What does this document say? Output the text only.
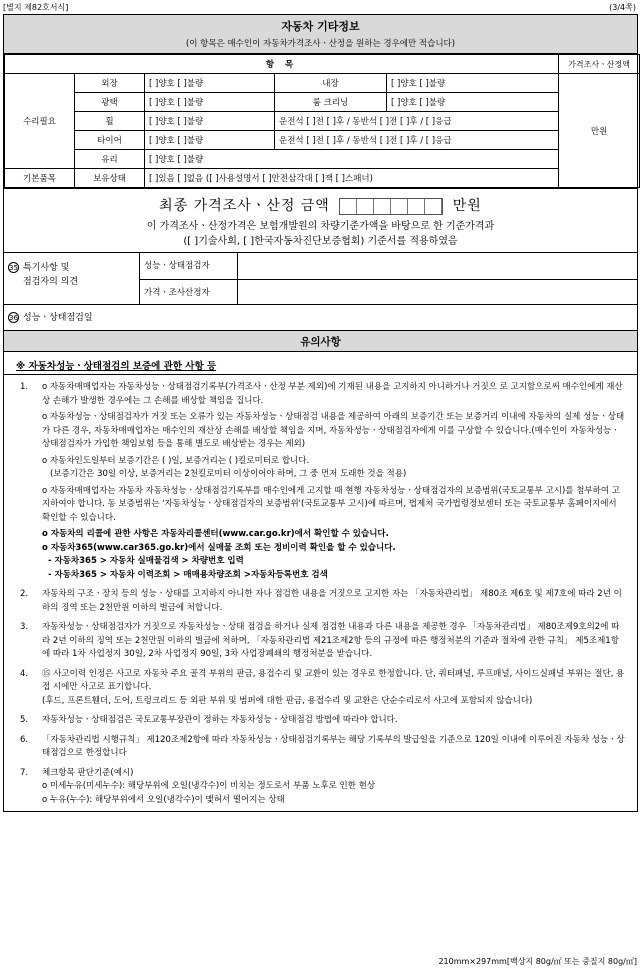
[별지 제82호서식]	(3/4쪽)
자동차 기타정보
(이 항목은 매수인이 자동차가격조사ㆍ산정을 원하는 경우에만 적습니다)
항 목					가격조사ㆍ산정액
수리필요	외장	[ ]양호 [ ]불량	내장	[ ]양호 [ ]불량	만원
	광택	[ ]양호 [ ]불량	룸 크리닝	[ ]양호 [ ]불량	
	휠	[ ]양호 [ ]불량	운전석 [ ]전 [ ]후 / 동반석 [ ]전 [ ]후 / [ ]응급		
	타이어	[ ]양호 [ ]불량	운전석 [ ]전 [ ]후 / 동반석 [ ]전 [ ]후 / [ ]응급		
	유리	[ ]양호 [ ]불량			
기본품목	보유상태	[ ]있음 [ ]없음 ([ ]사용설명서 [ ]안전삼각대 [ ]잭 [ ]스패너)			
최종 가격조사ㆍ산정 금액	만원
이 가격조사ㆍ산정가격은 보험개발원의 차량기준가액을 바탕으로 한 기준가격과
([ ]기술사회, [ ]한국자동차진단보증협회) 기준서를 적용하였음
35 특기사항 및
점검자의 의견
성능ㆍ상태점검자
가격ㆍ조사산정자
36 성능ㆍ상태점검일
유의사항
※ 자동차성능ㆍ상태점검의 보증에 관한 사항 등
1.	o 자동차매매업자는 자동차성능ㆍ상태점검기록부(가격조사ㆍ산정 부분 제외)에 기재된 내용을 고지하지 아니하거나 거짓으 로 고지함으로써 매수인에게 재산상 손해가 발생한 경우에는 그 손해를 배상할 책임을 집니다.
o 자동차성능ㆍ상태점검자가 거짓 또는 오류가 있는 자동차성능ㆍ상태점검 내용을 제공하여 아래의 보증기간 또는 보증거리 이내에 자동차의 실제 성능ㆍ상태가 다른 경우, 자동차매매업자는 매수인의 재산상 손해를 배상할 책임을 지며, 자동차성능ㆍ상태점검자에게 이를 구상할 수 있습니다.(매수인이 자동차성능ㆍ상태점검자가 가입한 책임보험 등을 통해 별도로 배상받는 경우는 제외)
o 자동차인도일부터 보증기간은 ( )일, 보증거리는 ( )킬로미터로 합니다.
(보증기간은 30일 이상, 보증거리는 2천킬로미터 이상이어야 하며, 그 중 먼저 도래한 것을 적용)
o 자동차매매업자는 자동차 자동차성능ㆍ상태점검기록부를 매수인에게 고지할 때 현행 자동차성능ㆍ상태점검자의 보증범위(국토교통부 고시)를 첨부하여 고지하여야 합니다. 동 보증범위는 '자동차성능ㆍ상태점검자의 보증범위'(국토교통부 고시)에 따르며, 법제처 국가법령정보센터 또는 국토교통부 홈페이지에서 확인할 수 있습니다.
o 자동차의 리콜에 관한 사항은 자동차리콜센터(www.car.go.kr)에서 확인할 수 있습니다.
o 자동차365(www.car365.go.kr)에서 실매물 조회 또는 정비이력 확인을 할 수 있습니다.
- 자동차365 > 자동차 실매물검색 > 차량번호 입력
- 자동차365 > 자동차 이력조회 > 매매용차량조회 >자동차등록번호 검색
2.	자동차의 구조ㆍ장치 등의 성능ㆍ상태를 고지하지 아니한 자나 점검한 내용을 거짓으로 고지한 자는 「자동차관리법」 제80조 제6호 및 제7호에 따라 2년 이하의 징역 또는 2천만원 이하의 벌금에 처합니다.
3.	자동차성능ㆍ상태점검자가 거짓으로 자동차성능ㆍ상태 점검을 하거나 실제 점검한 내용과 다른 내용을 제공한 경우 「자동차관리법」 제80조제9호의2에 따라 2년 이하의 징역 또는 2천만원 이하의 벌금에 처하며, 「자동차관리법 제21조제2항 등의 규정에 따른 행정처분의 기준과 절차에 관한 규칙」 제5조제1항에 따라 1차 사업정지 30일, 2차 사업정지 90일, 3차 사업장폐쇄의 행정처분을 받습니다.
4.	⑮ 사고이력 인정은 사고로 자동차 주요 골격 부위의 판금, 용접수리 및 교환이 있는 경우로 한정합니다. 단, 쿼터패널, 루프패널, 사이드실패널 부위는 절단, 용접 시에만 사고로 표기합니다.
(후드, 프론트휀더, 도어, 트렁크리드 등 외판 부위 및 범퍼에 대한 판금, 용접수리 및 교환은 단순수리로서 사고에 포함되지 않습니다)
5.	자동차성능ㆍ상태점검은 국토교통부장관이 정하는 자동차성능ㆍ상태점검 방법에 따라야 합니다.
6.	「자동차관리법 시행규칙」 제120조제2항에 따라 자동차성능ㆍ상태점검기록부는 해당 기록부의 발급일을 기준으로 120일 이내에 이루어진 자동차 성능ㆍ상태점검으로 한정합니다
7.	체크항목 판단기준(예시)
o 미세누유(미세누수): 해당부위에 오일(냉각수)이 비치는 정도로서 부품 노후로 인한 현상
o 누유(누수): 해당부위에서 오일(냉각수)이 맺혀서 떨어지는 상태
210mm×297mm[백상지 80g/㎡ 또는 중질지 80g/㎡]
